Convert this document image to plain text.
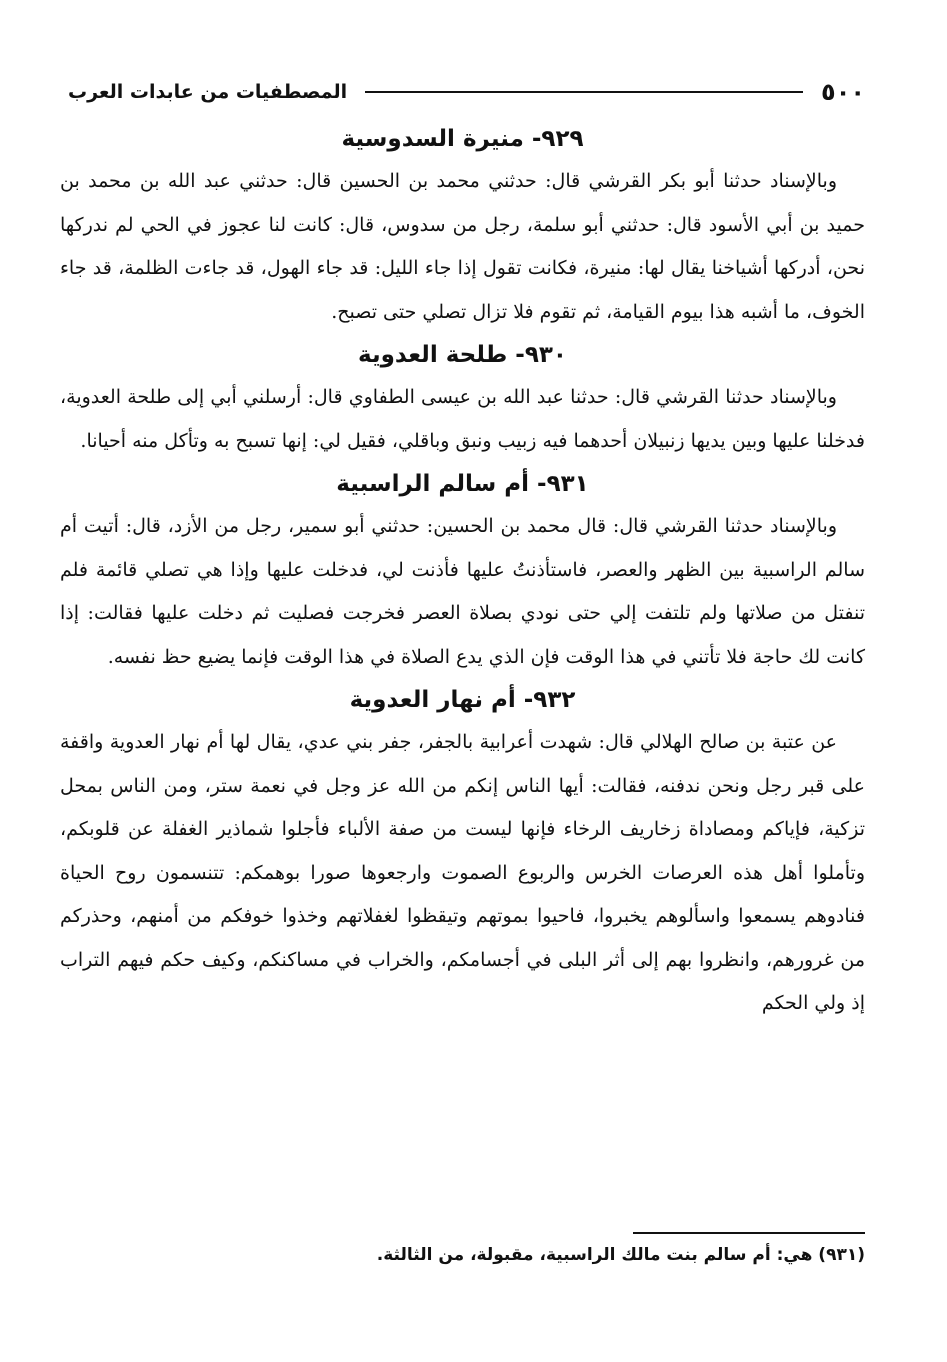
٥٠٠
المصطفيات من عابدات العرب
٩٢٩- منيرة السدوسية

وبالإسناد حدثنا أبو بكر القرشي قال: حدثني محمد بن الحسين قال: حدثني عبد الله بن محمد بن حميد بن أبي الأسود قال: حدثني أبو سلمة، رجل من سدوس، قال: كانت لنا عجوز في الحي لم ندركها نحن، أدركها أشياخنا يقال لها: منيرة، فكانت تقول إذا جاء الليل: قد جاء الهول، قد جاءت الظلمة، قد جاء الخوف، ما أشبه هذا بيوم القيامة، ثم تقوم فلا تزال تصلي حتى تصبح.

٩٣٠- طلحة العدوية

وبالإسناد حدثنا القرشي قال: حدثنا عبد الله بن عيسى الطفاوي قال: أرسلني أبي إلى طلحة العدوية، فدخلنا عليها وبين يديها زنبيلان أحدهما فيه زبيب ونبق وباقلي، فقيل لي: إنها تسبح به وتأكل منه أحيانا.

٩٣١- أم سالم الراسبية

وبالإسناد حدثنا القرشي قال: قال محمد بن الحسين: حدثني أبو سمير، رجل من الأزد، قال: أتيت أم سالم الراسبية بين الظهر والعصر، فاستأذنتُ عليها فأذنت لي، فدخلت عليها وإذا هي تصلي قائمة فلم تنفتل من صلاتها ولم تلتفت إلي حتى نودي بصلاة العصر فخرجت فصليت ثم دخلت عليها فقالت: إذا كانت لك حاجة فلا تأتني في هذا الوقت فإن الذي يدع الصلاة في هذا الوقت فإنما يضيع حظ نفسه.

٩٣٢- أم نهار العدوية

عن عتبة بن صالح الهلالي قال: شهدت أعرابية بالجفر، جفر بني عدي، يقال لها أم نهار العدوية واقفة على قبر رجل ونحن ندفنه، فقالت: أيها الناس إنكم من الله عز وجل في نعمة ستر، ومن الناس بمحل تزكية، فإياكم ومصاداة زخاريف الرخاء فإنها ليست من صفة الألباء فأجلوا شماذير الغفلة عن قلوبكم، وتأملوا أهل هذه العرصات الخرس والربوع الصموت وارجعوها صورا بوهمكم: تتنسمون روح الحياة فنادوهم يسمعوا واسألوهم يخبروا، فاحيوا بموتهم وتيقظوا لغفلاتهم وخذوا خوفكم من أمنهم، وحذركم من غرورهم، وانظروا بهم إلى أثر البلى في أجسامكم، والخراب في مساكنكم، وكيف حكم فيهم التراب إذ ولي الحكم

(٩٣١) هي: أم سالم بنت مالك الراسبية، مقبولة، من الثالثة.
